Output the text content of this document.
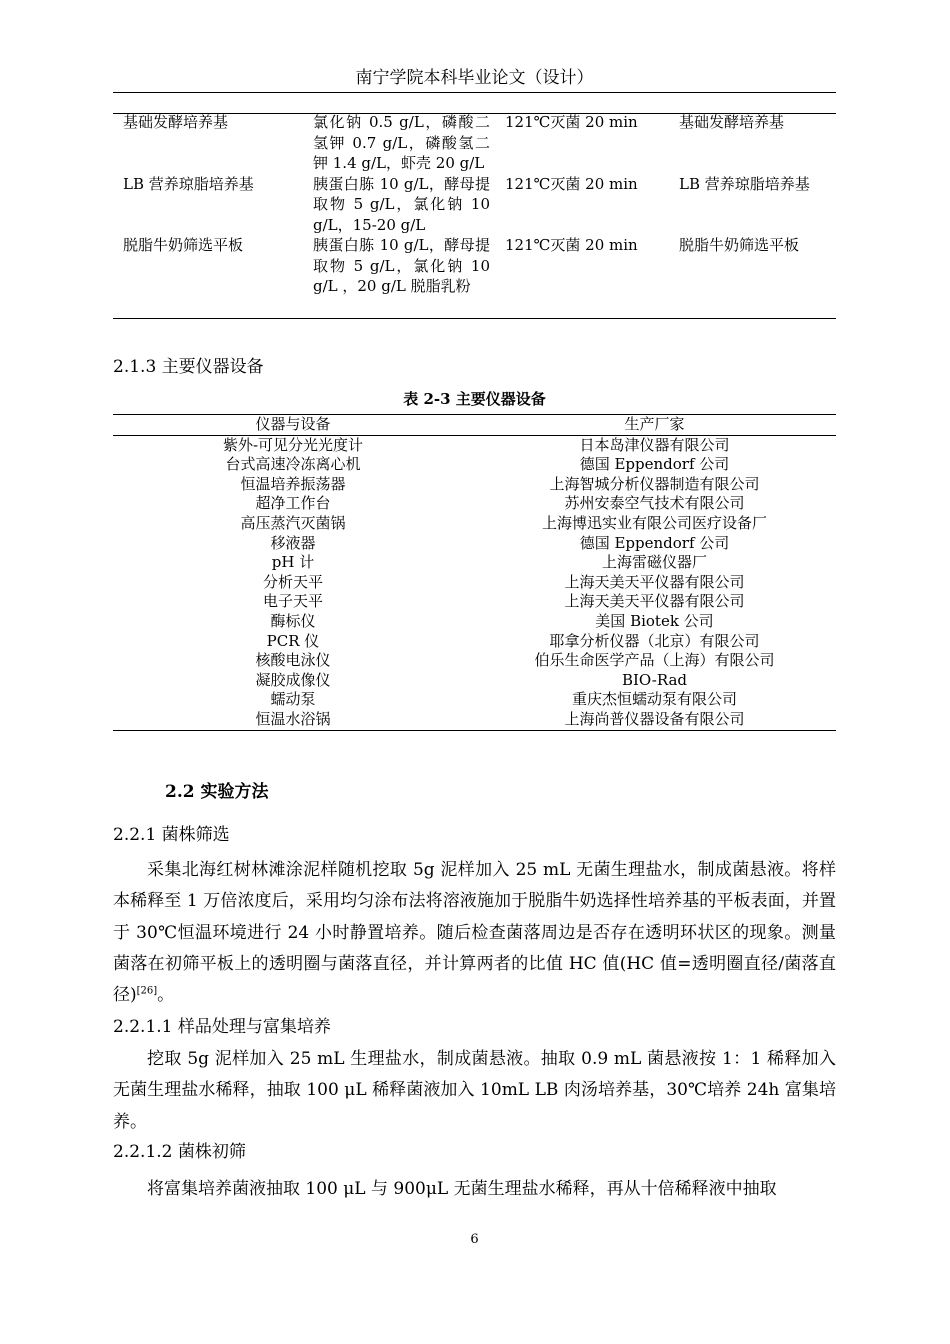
南宁学院本科毕业论文（设计）
基础发酵培养基	氯化钠 0.5 g/L，磷酸二氢钾 0.7 g/L，磷酸氢二钾 1.4 g/L，虾壳 20 g/L	121℃灭菌 20 min	基础发酵培养基
LB 营养琼脂培养基	胰蛋白胨 10 g/L，酵母提取物 5 g/L，氯化钠 10 g/L，15-20 g/L	121℃灭菌 20 min	LB 营养琼脂培养基
脱脂牛奶筛选平板	胰蛋白胨 10 g/L，酵母提取物 5 g/L，氯化钠 10 g/L ，20 g/L 脱脂乳粉	121℃灭菌 20 min	脱脂牛奶筛选平板
2.1.3 主要仪器设备
表 2-3 主要仪器设备
仪器与设备	生产厂家
紫外-可见分光光度计	日本岛津仪器有限公司
台式高速冷冻离心机	德国 Eppendorf 公司
恒温培养振荡器	上海智城分析仪器制造有限公司
超净工作台	苏州安泰空气技术有限公司
高压蒸汽灭菌锅	上海博迅实业有限公司医疗设备厂
移液器	德国 Eppendorf 公司
pH 计	上海雷磁仪器厂
分析天平	上海天美天平仪器有限公司
电子天平	上海天美天平仪器有限公司
酶标仪	美国 Biotek 公司
PCR 仪	耶拿分析仪器（北京）有限公司
核酸电泳仪	伯乐生命医学产品（上海）有限公司
凝胶成像仪	BIO-Rad
蠕动泵	重庆杰恒蠕动泵有限公司
恒温水浴锅	上海尚普仪器设备有限公司
2.2 实验方法
2.2.1 菌株筛选
采集北海红树林滩涂泥样随机挖取 5g 泥样加入 25 mL 无菌生理盐水，制成菌悬液。将样本稀释至 1 万倍浓度后，采用均匀涂布法将溶液施加于脱脂牛奶选择性培养基的平板表面，并置于 30℃恒温环境进行 24 小时静置培养。随后检查菌落周边是否存在透明环状区的现象。测量菌落在初筛平板上的透明圈与菌落直径，并计算两者的比值 HC 值(HC 值=透明圈直径/菌落直径)[26]。
2.2.1.1 样品处理与富集培养
挖取 5g 泥样加入 25 mL 生理盐水，制成菌悬液。抽取 0.9 mL 菌悬液按 1：1 稀释加入无菌生理盐水稀释，抽取 100 μL 稀释菌液加入 10mL LB 肉汤培养基，30℃培养 24h 富集培养。
2.2.1.2 菌株初筛
将富集培养菌液抽取 100 μL 与 900μL 无菌生理盐水稀释，再从十倍稀释液中抽取
6
